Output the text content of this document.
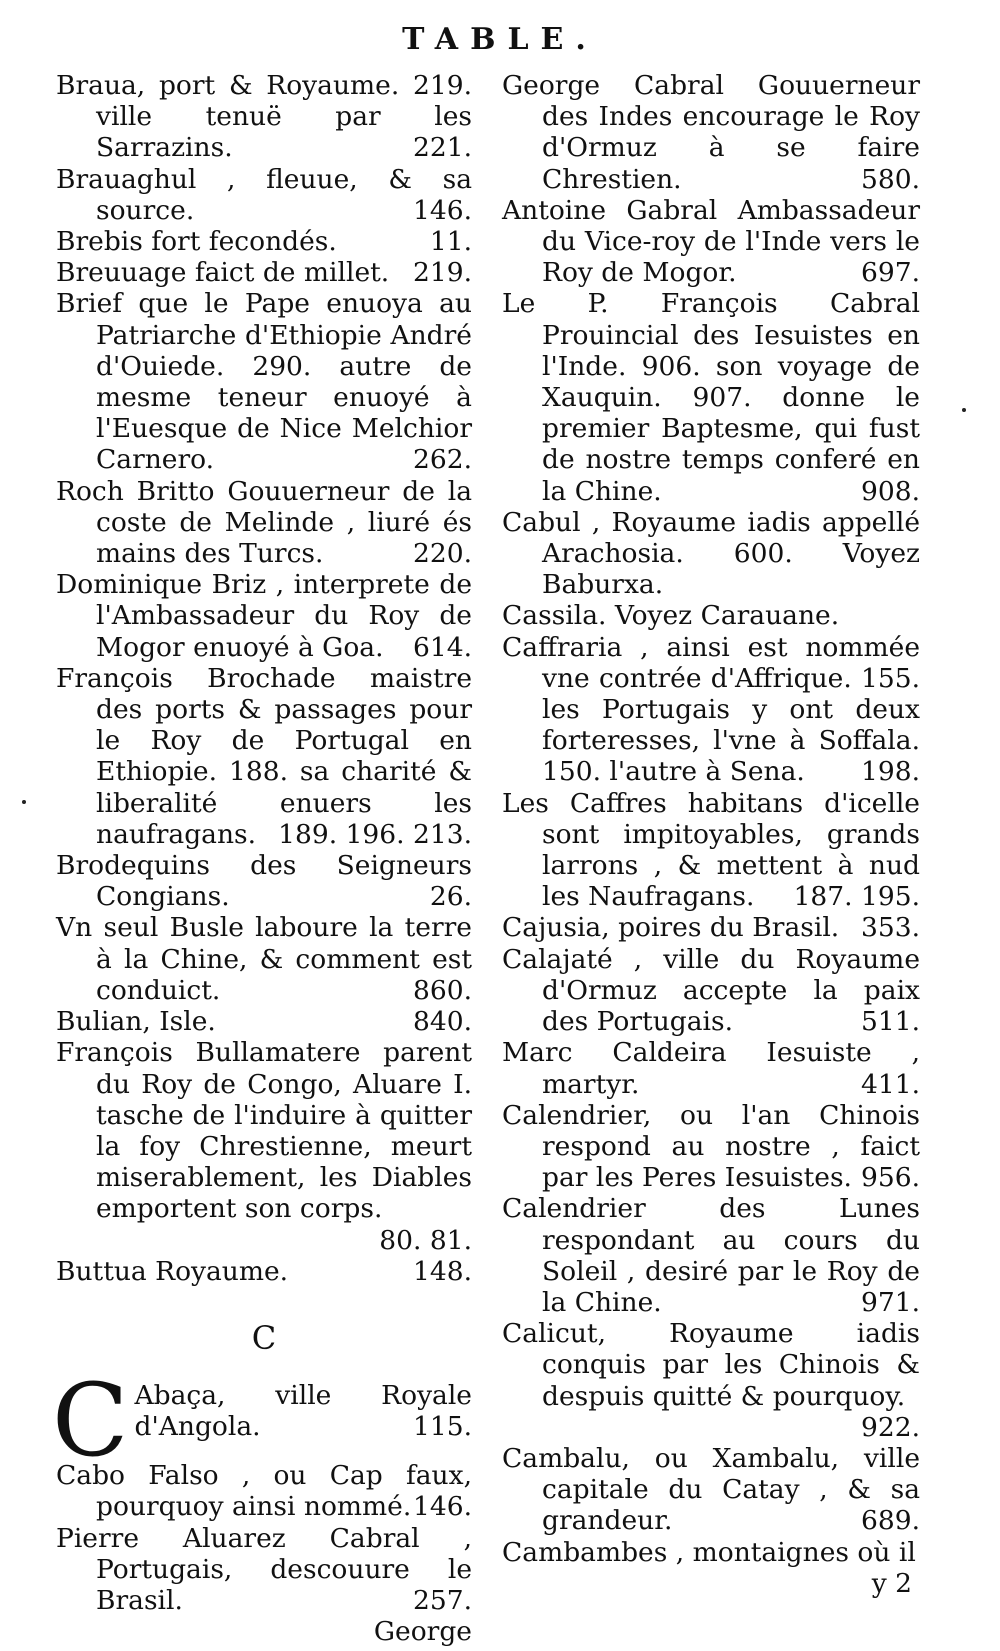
TABLE.

Braua, port & Royaume. 219. ville tenuë par les Sarrazins.	221.

Brauaghul , fleuue, & sa source.	146.

Brebis fort fecondés.	11.

Breuuage faict de millet. 219.

Brief que le Pape enuoya au Patriarche d'Ethiopie André d'Ouiede. 290. autre de mesme teneur enuoyé à l'Euesque de Nice Melchior Carnero.	262.

Roch Britto Gouuerneur de la coste de Melinde , liuré és mains des Turcs.	220.

Dominique Briz , interprete de l'Ambassadeur du Roy de Mogor enuoyé à Goa. 614.

François Brochade maistre des ports & passages pour le Roy de Portugal en Ethiopie. 188. sa charité & liberalité enuers les naufragans. 189. 196. 213.

Brodequins des Seigneurs Congians.	26.

Vn seul Busle laboure la terre à la Chine, & comment est conduict.	860.

Bulian, Isle.	840.

François Bullamatere parent du Roy de Congo, Aluare I. tasche de l'induire à quitter la foy Chrestienne, meurt miserablement, les Diables emportent son corps.
80. 81.

Buttua Royaume.	148.

C

C Abaça, ville Royale d'Angola.	115.

Cabo Falso , ou Cap faux, pourquoy ainsi nommé. 146.

Pierre Aluarez Cabral , Portugais, descouure le Brasil.	257.

George

George Cabral Gouuerneur des Indes encourage le Roy d'Ormuz à se faire Chrestien.	580.

Antoine Gabral Ambassadeur du Vice-roy de l'Inde vers le Roy de Mogor.	697.

Le P. François Cabral Prouincial des Iesuistes en l'Inde. 906. son voyage de Xauquin. 907. donne le premier Baptesme, qui fust de nostre temps conferé en la Chine.	908.

Cabul , Royaume iadis appellé Arachosia. 600. Voyez Baburxa.

Cassila. Voyez Carauane.

Caffraria , ainsi est nommée vne contrée d'Affrique. 155. les Portugais y ont deux forteresses, l'vne à Soffala. 150. l'autre à Sena. 198.

Les Caffres habitans d'icelle sont impitoyables, grands larrons , & mettent à nud les Naufragans. 187. 195.

Cajusia, poires du Brasil. 353.

Calajaté , ville du Royaume d'Ormuz accepte la paix des Portugais.	511.

Marc Caldeira Iesuiste , martyr.	411.

Calendrier, ou l'an Chinois respond au nostre , faict par les Peres Iesuistes. 956.

Calendrier des Lunes respondant au cours du Soleil , desiré par le Roy de la Chine.	971.

Calicut, Royaume iadis conquis par les Chinois & despuis quitté & pourquoy.
922.

Cambalu, ou Xambalu, ville capitale du Catay , & sa grandeur.	689.

Cambambes , montaignes où il

y 2
